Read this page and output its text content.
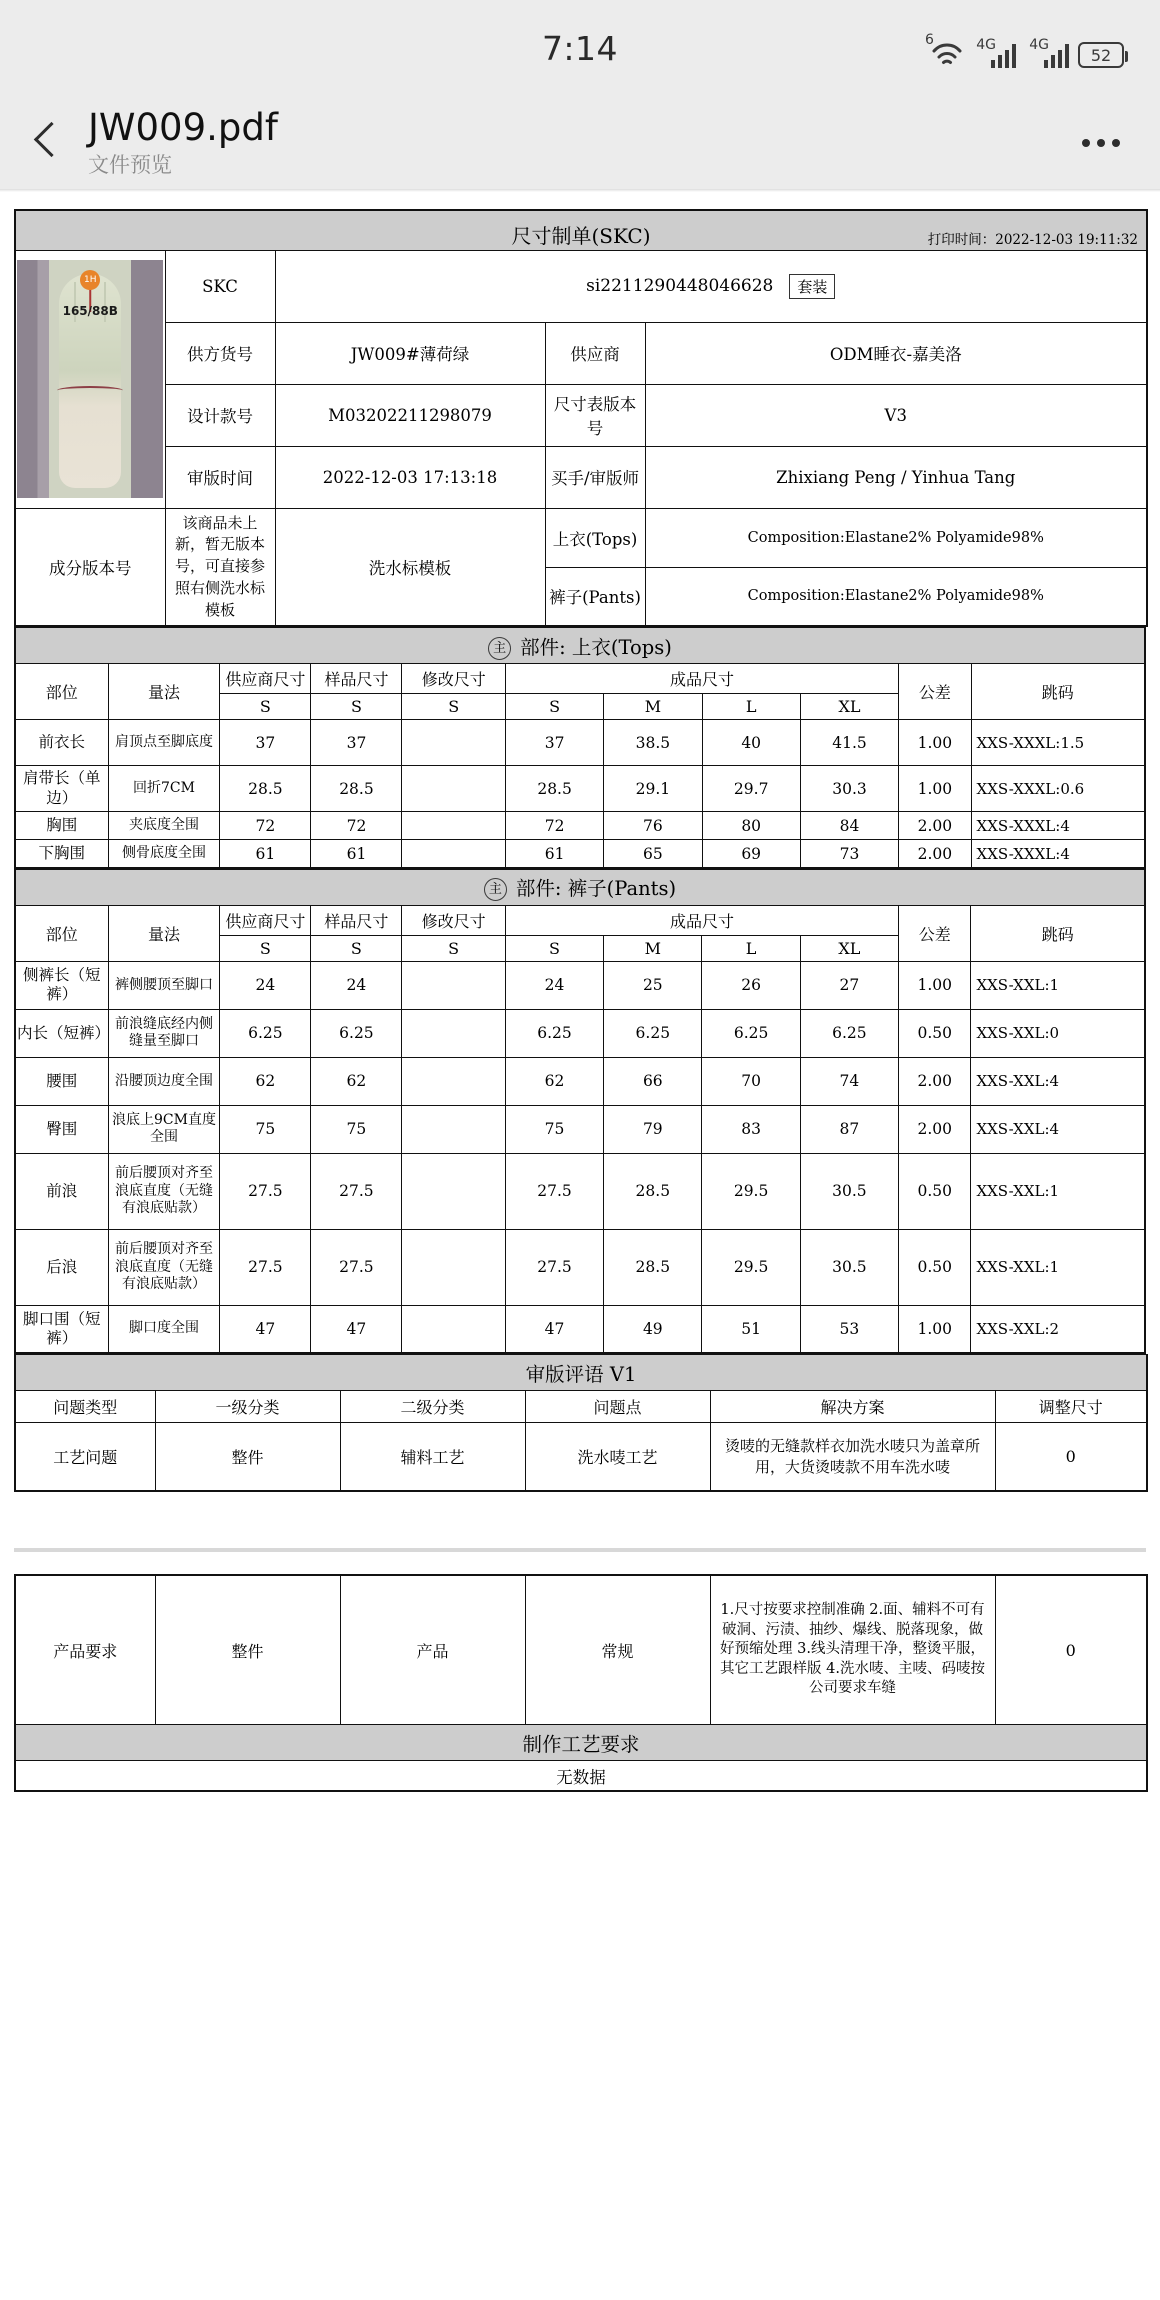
7:14	6	4G 4G
52
JW009.pdf
文件预览
尺寸制单(SKC) 打印时间：2022-12-03 19:11:32				

1H
165/88B	SKC	si2211290448046628 套装		
	供方货号	JW009#薄荷绿	供应商	ODM睡衣-嘉美洛
	设计款号	M03202211298079	尺寸表版本号	V3
	审版时间	2022-12-03 17:13:18	买手/审版师	Zhixiang Peng / Yinhua Tang
成分版本号	该商品未上新，暂无版本号，可直接参照右侧洗水标模板	洗水标模板	上衣(Tops)	Composition:Elastane2% Polyamide98%
			裤子(Pants)	Composition:Elastane2% Polyamide98%
主 部件: 上衣(Tops)										
部位	量法	供应商尺寸	样品尺寸	修改尺寸	成品尺寸				公差	跳码
		S	S	S	S	M	L	XL		
前衣长	肩顶点至脚底度	37	37		37	38.5	40	41.5	1.00	XXS-XXXL:1.5
肩带长（单边）	回折7CM	28.5	28.5		28.5	29.1	29.7	30.3	1.00	XXS-XXXL:0.6
胸围	夹底度全围	72	72		72	76	80	84	2.00	XXS-XXXL:4
下胸围	侧骨底度全围	61	61		61	65	69	73	2.00	XXS-XXXL:4
主 部件: 裤子(Pants)										
部位	量法	供应商尺寸	样品尺寸	修改尺寸	成品尺寸				公差	跳码
		S	S	S	S	M	L	XL		
侧裤长（短裤）	裤侧腰顶至脚口	24	24		24	25	26	27	1.00	XXS-XXL:1
内长（短裤）	前浪缝底经内侧缝量至脚口	6.25	6.25		6.25	6.25	6.25	6.25	0.50	XXS-XXL:0
腰围	沿腰顶边度全围	62	62		62	66	70	74	2.00	XXS-XXL:4
臀围	浪底上9CM直度全围	75	75		75	79	83	87	2.00	XXS-XXL:4
前浪	前后腰顶对齐至浪底直度（无缝有浪底贴款）	27.5	27.5		27.5	28.5	29.5	30.5	0.50	XXS-XXL:1
后浪	前后腰顶对齐至浪底直度（无缝有浪底贴款）	27.5	27.5		27.5	28.5	29.5	30.5	0.50	XXS-XXL:1
脚口围（短裤）	脚口度全围	47	47		47	49	51	53	1.00	XXS-XXL:2
审版评语 V1					
问题类型	一级分类	二级分类	问题点	解决方案	调整尺寸
工艺问题	整件	辅料工艺	洗水唛工艺	烫唛的无缝款样衣加洗水唛只为盖章所用，大货烫唛款不用车洗水唛	0
产品要求	整件	产品	常规	1.尺寸按要求控制准确 2.面、辅料不可有破洞、污渍、抽纱、爆线、脱落现象，做好预缩处理 3.线头清理干净，整烫平服，其它工艺跟样版 4.洗水唛、主唛、码唛按公司要求车缝	0
制作工艺要求
无数据
